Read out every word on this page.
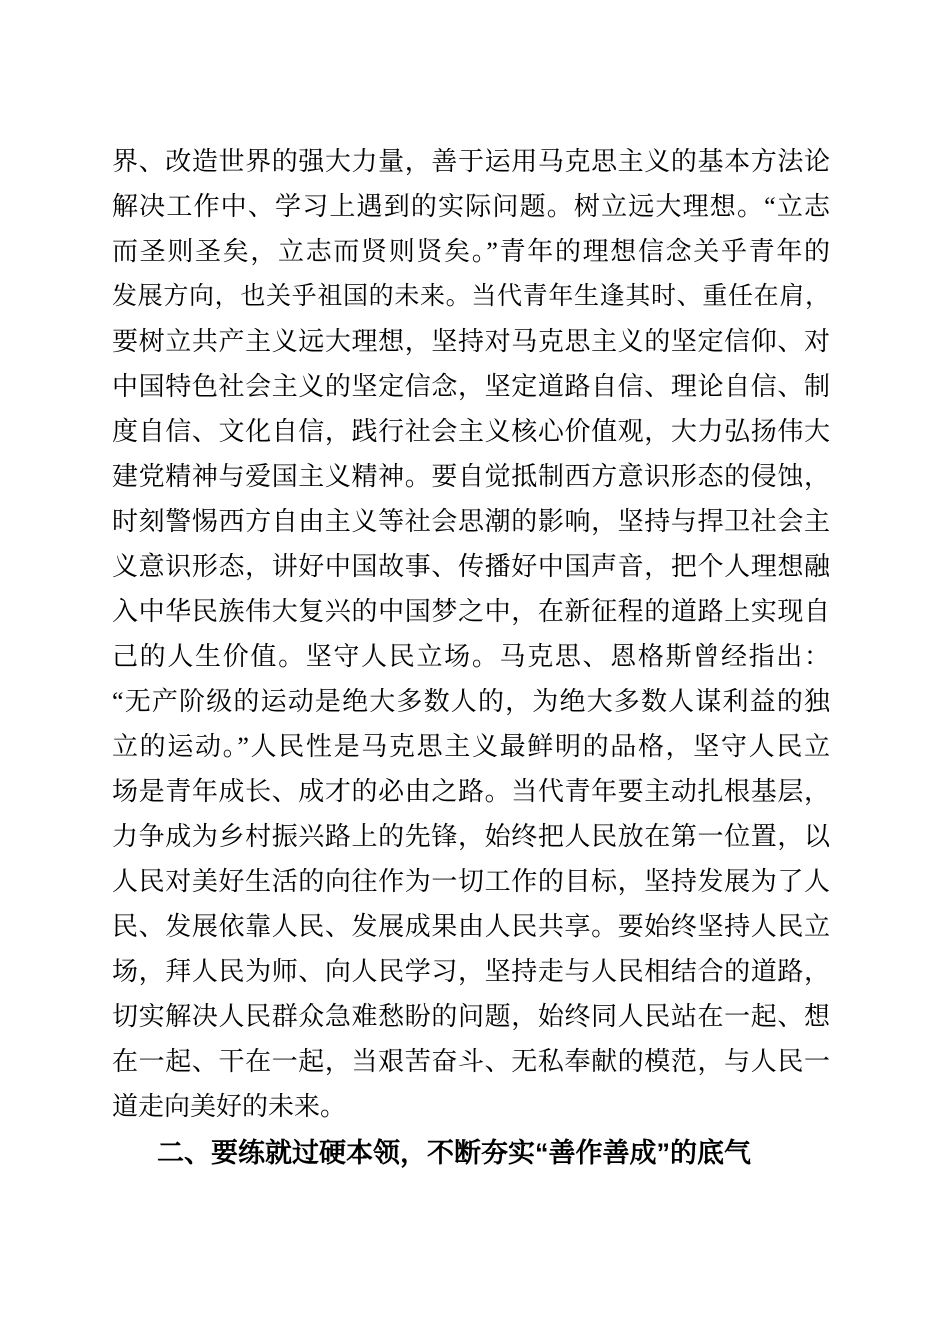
界、改造世界的强大力量，善于运用马克思主义的基本方法论
解决工作中、学习上遇到的实际问题。树立远大理想。“立志
而圣则圣矣，立志而贤则贤矣。”青年的理想信念关乎青年的
发展方向，也关乎祖国的未来。当代青年生逢其时、重任在肩，
要树立共产主义远大理想，坚持对马克思主义的坚定信仰、对
中国特色社会主义的坚定信念，坚定道路自信、理论自信、制
度自信、文化自信，践行社会主义核心价值观，大力弘扬伟大
建党精神与爱国主义精神。要自觉抵制西方意识形态的侵蚀，
时刻警惕西方自由主义等社会思潮的影响，坚持与捍卫社会主
义意识形态，讲好中国故事、传播好中国声音，把个人理想融
入中华民族伟大复兴的中国梦之中，在新征程的道路上实现自
己的人生价值。坚守人民立场。马克思、恩格斯曾经指出：
“无产阶级的运动是绝大多数人的，为绝大多数人谋利益的独
立的运动。”人民性是马克思主义最鲜明的品格，坚守人民立
场是青年成长、成才的必由之路。当代青年要主动扎根基层，
力争成为乡村振兴路上的先锋，始终把人民放在第一位置，以
人民对美好生活的向往作为一切工作的目标，坚持发展为了人
民、发展依靠人民、发展成果由人民共享。要始终坚持人民立
场，拜人民为师、向人民学习，坚持走与人民相结合的道路，
切实解决人民群众急难愁盼的问题，始终同人民站在一起、想
在一起、干在一起，当艰苦奋斗、无私奉献的模范，与人民一
道走向美好的未来。
二、要练就过硬本领，不断夯实“善作善成”的底气
